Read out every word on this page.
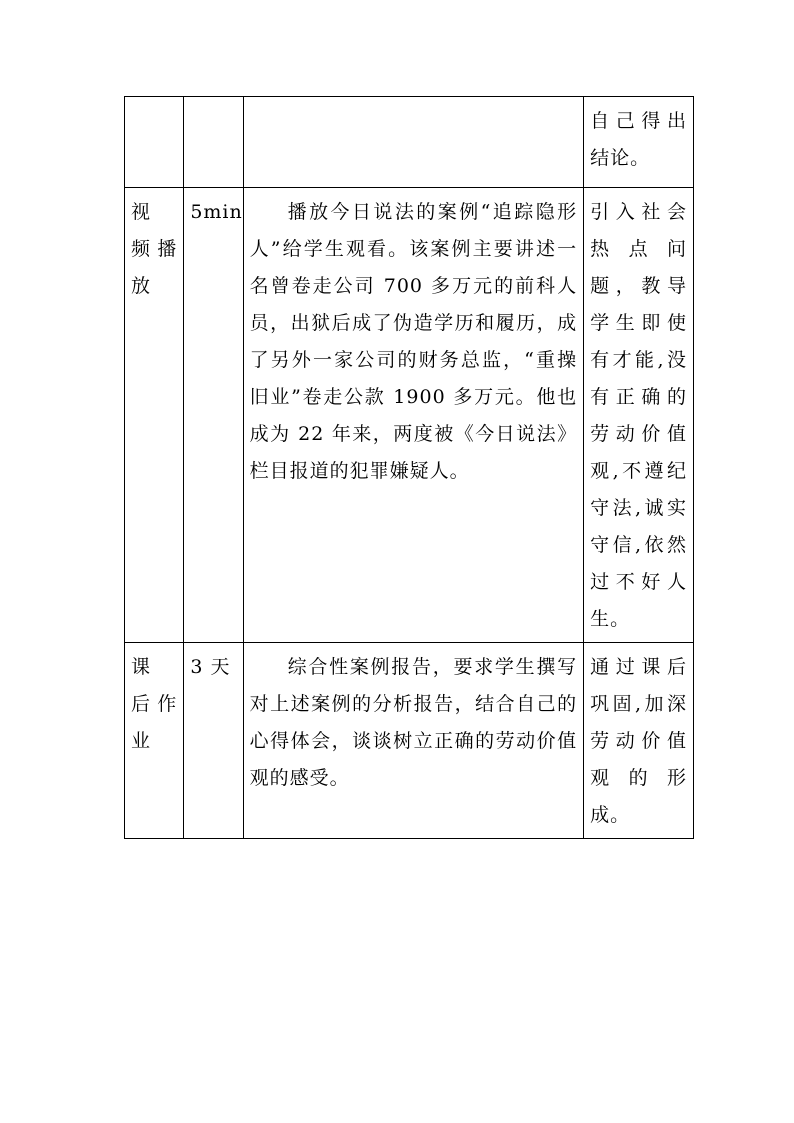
			自己得出结论。

视 频播放	5min	播放今日说法的案例“追踪隐形人”给学生观看。该案例主要讲述一名曾卷走公司 700 多万元的前科人员，出狱后成了伪造学历和履历，成了另外一家公司的财务总监，“重操旧业”卷走公款 1900 多万元。他也成为 22 年来，两度被《今日说法》栏目报道的犯罪嫌疑人。	引入社会热点问题，教导学生即使有才能,没有正确的劳动价值观,不遵纪守法,诚实守信,依然过不好人生。

课 后作业	3 天	综合性案例报告，要求学生撰写对上述案例的分析报告，结合自己的心得体会，谈谈树立正确的劳动价值观的感受。	通过课后巩固,加深劳动价值观的形成。
